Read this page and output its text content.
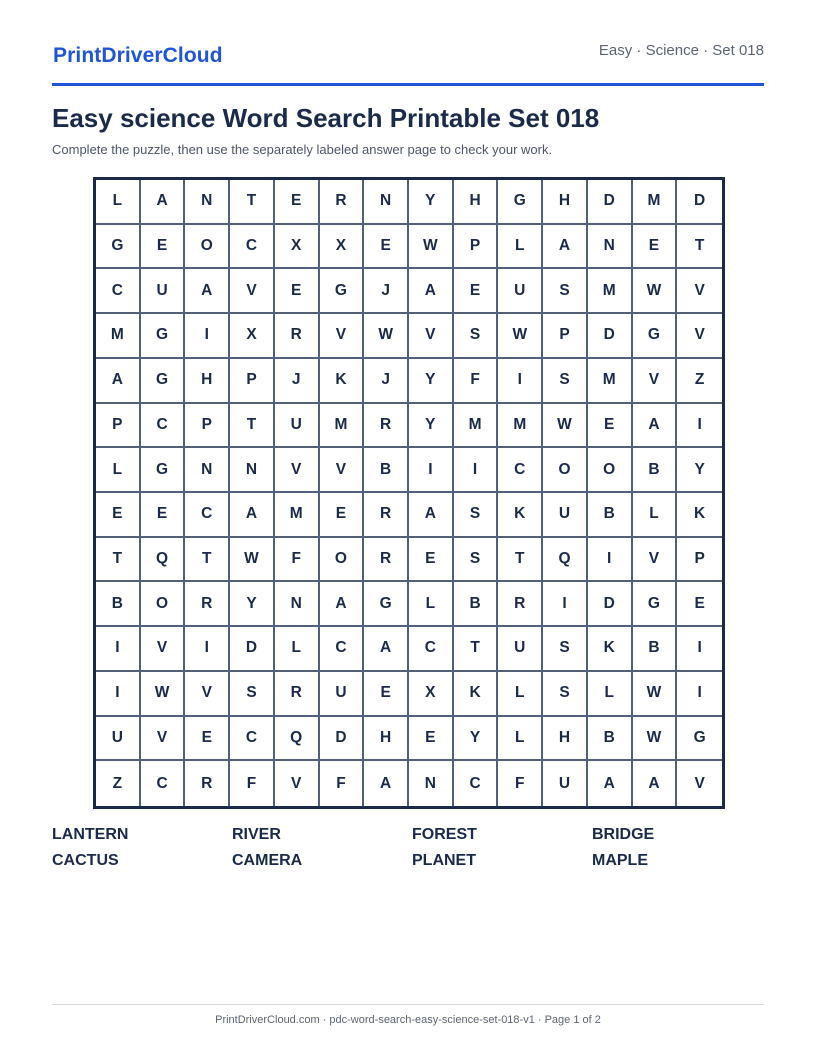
PrintDriverCloud	Easy · Science · Set 018
Easy science Word Search Printable Set 018
Complete the puzzle, then use the separately labeled answer page to check your work.
L	A	N	T	E	R	N	Y	H	G	H	D	M	D
G	E	O	C	X	X	E	W	P	L	A	N	E	T
C	U	A	V	E	G	J	A	E	U	S	M	W	V
M	G	I	X	R	V	W	V	S	W	P	D	G	V
A	G	H	P	J	K	J	Y	F	I	S	M	V	Z
P	C	P	T	U	M	R	Y	M	M	W	E	A	I
L	G	N	N	V	V	B	I	I	C	O	O	B	Y
E	E	C	A	M	E	R	A	S	K	U	B	L	K
T	Q	T	W	F	O	R	E	S	T	Q	I	V	P
B	O	R	Y	N	A	G	L	B	R	I	D	G	E
I	V	I	D	L	C	A	C	T	U	S	K	B	I
I	W	V	S	R	U	E	X	K	L	S	L	W	I
U	V	E	C	Q	D	H	E	Y	L	H	B	W	G
Z	C	R	F	V	F	A	N	C	F	U	A	A	V
LANTERN	RIVER	FOREST	BRIDGE
CACTUS	CAMERA	PLANET	MAPLE
PrintDriverCloud.com · pdc-word-search-easy-science-set-018-v1 · Page 1 of 2
